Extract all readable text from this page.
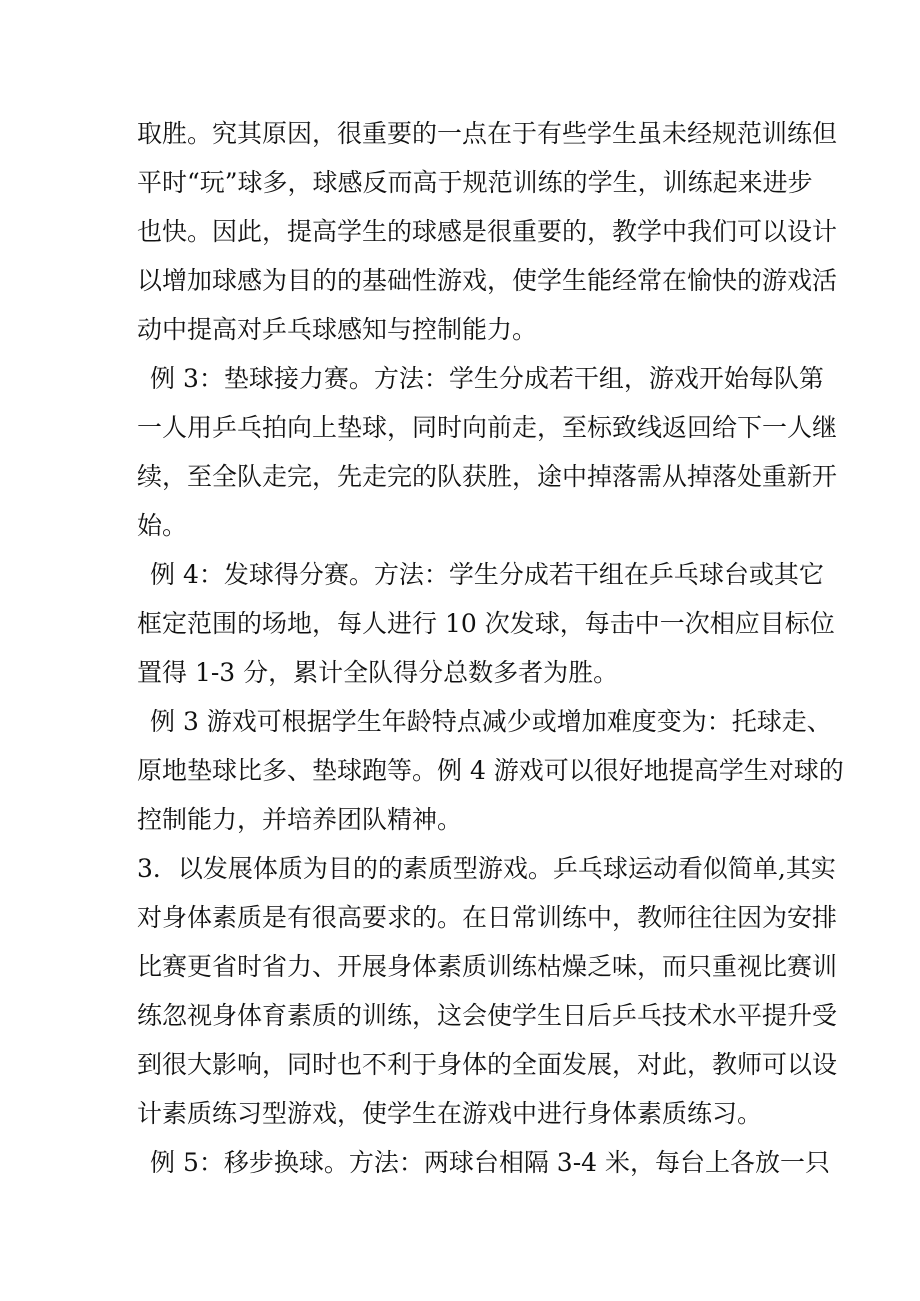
取胜。究其原因，很重要的一点在于有些学生虽未经规范训练但
平时“玩”球多，球感反而高于规范训练的学生，训练起来进步
也快。因此，提高学生的球感是很重要的，教学中我们可以设计
以增加球感为目的的基础性游戏，使学生能经常在愉快的游戏活
动中提高对乒乓球感知与控制能力。
例 3：垫球接力赛。方法：学生分成若干组，游戏开始每队第
一人用乒乓拍向上垫球，同时向前走，至标致线返回给下一人继
续，至全队走完，先走完的队获胜，途中掉落需从掉落处重新开
始。
例 4：发球得分赛。方法：学生分成若干组在乒乓球台或其它
框定范围的场地，每人进行 10 次发球，每击中一次相应目标位
置得 1-3 分，累计全队得分总数多者为胜。
例 3 游戏可根据学生年龄特点减少或增加难度变为：托球走、
原地垫球比多、垫球跑等。例 4 游戏可以很好地提高学生对球的
控制能力，并培养团队精神。
3．以发展体质为目的的素质型游戏。乒乓球运动看似简单,其实
对身体素质是有很高要求的。在日常训练中，教师往往因为安排
比赛更省时省力、开展身体素质训练枯燥乏味，而只重视比赛训
练忽视身体育素质的训练，这会使学生日后乒乓技术水平提升受
到很大影响，同时也不利于身体的全面发展，对此，教师可以设
计素质练习型游戏，使学生在游戏中进行身体素质练习。
例 5：移步换球。方法：两球台相隔 3-4 米，每台上各放一只
